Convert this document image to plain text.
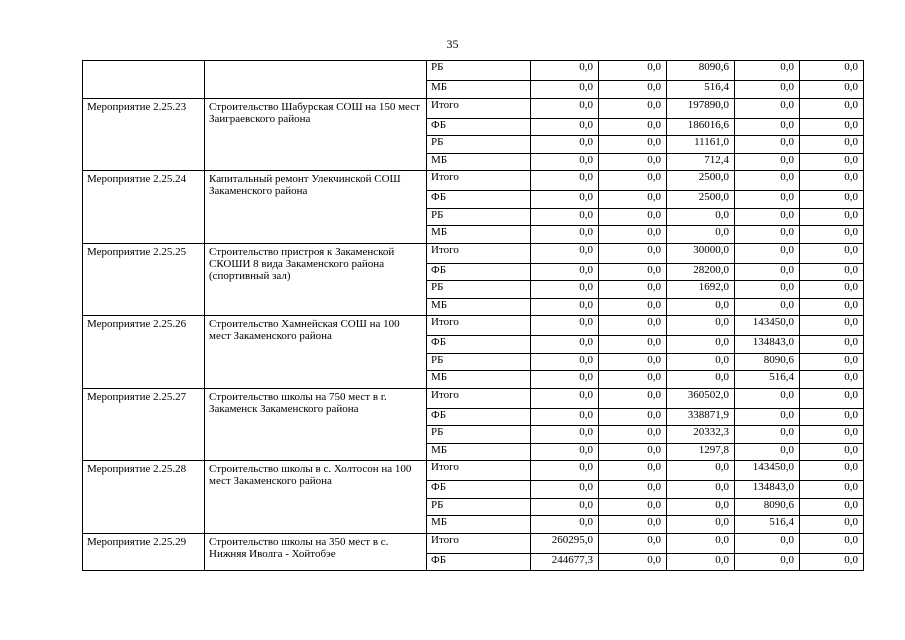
35
		РБ	0,0	0,0	8090,6	0,0	0,0
		МБ	0,0	0,0	516,4	0,0	0,0
Мероприятие 2.25.23	Строительство Шабурская СОШ на 150 мест Заиграевского района	Итого	0,0	0,0	197890,0	0,0	0,0
		ФБ	0,0	0,0	186016,6	0,0	0,0
		РБ	0,0	0,0	11161,0	0,0	0,0
		МБ	0,0	0,0	712,4	0,0	0,0
Мероприятие 2.25.24	Капитальный ремонт Улекчинской СОШ Закаменского района	Итого	0,0	0,0	2500,0	0,0	0,0
		ФБ	0,0	0,0	2500,0	0,0	0,0
		РБ	0,0	0,0	0,0	0,0	0,0
		МБ	0,0	0,0	0,0	0,0	0,0
Мероприятие 2.25.25	Строительство пристроя к Закаменской СКОШИ 8 вида Закаменского района (спортивный зал)	Итого	0,0	0,0	30000,0	0,0	0,0
		ФБ	0,0	0,0	28200,0	0,0	0,0
		РБ	0,0	0,0	1692,0	0,0	0,0
		МБ	0,0	0,0	0,0	0,0	0,0
Мероприятие 2.25.26	Строительство Хамнейская СОШ на 100 мест Закаменского района	Итого	0,0	0,0	0,0	143450,0	0,0
		ФБ	0,0	0,0	0,0	134843,0	0,0
		РБ	0,0	0,0	0,0	8090,6	0,0
		МБ	0,0	0,0	0,0	516,4	0,0
Мероприятие 2.25.27	Строительство школы на 750 мест в г. Закаменск Закаменского района	Итого	0,0	0,0	360502,0	0,0	0,0
		ФБ	0,0	0,0	338871,9	0,0	0,0
		РБ	0,0	0,0	20332,3	0,0	0,0
		МБ	0,0	0,0	1297,8	0,0	0,0
Мероприятие 2.25.28	Строительство школы в с. Холтосон на 100 мест Закаменского района	Итого	0,0	0,0	0,0	143450,0	0,0
		ФБ	0,0	0,0	0,0	134843,0	0,0
		РБ	0,0	0,0	0,0	8090,6	0,0
		МБ	0,0	0,0	0,0	516,4	0,0
Мероприятие 2.25.29	Строительство школы на 350 мест в с. Нижняя Иволга - Хойтобэе	Итого	260295,0	0,0	0,0	0,0	0,0
		ФБ	244677,3	0,0	0,0	0,0	0,0
